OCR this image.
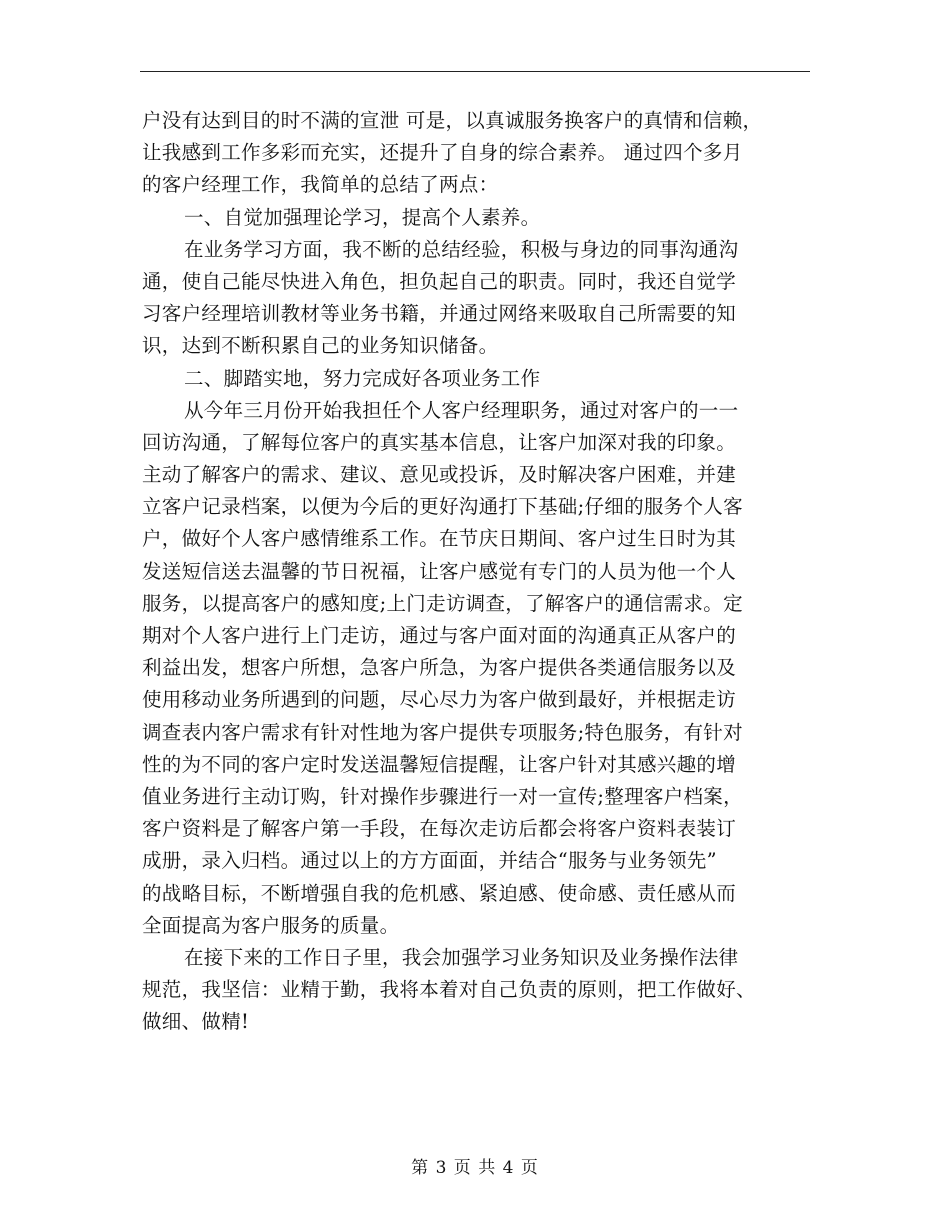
户没有达到目的时不满的宣泄 可是，以真诚服务换客户的真情和信赖，
让我感到工作多彩而充实，还提升了自身的综合素养。 通过四个多月
的客户经理工作，我简单的总结了两点：
一、自觉加强理论学习，提高个人素养。
在业务学习方面，我不断的总结经验，积极与身边的同事沟通沟
通，使自己能尽快进入角色，担负起自己的职责。同时，我还自觉学
习客户经理培训教材等业务书籍，并通过网络来吸取自己所需要的知
识，达到不断积累自己的业务知识储备。
二、脚踏实地，努力完成好各项业务工作
从今年三月份开始我担任个人客户经理职务，通过对客户的一一
回访沟通，了解每位客户的真实基本信息，让客户加深对我的印象。
主动了解客户的需求、建议、意见或投诉，及时解决客户困难，并建
立客户记录档案，以便为今后的更好沟通打下基础;仔细的服务个人客
户，做好个人客户感情维系工作。在节庆日期间、客户过生日时为其
发送短信送去温馨的节日祝福，让客户感觉有专门的人员为他一个人
服务，以提高客户的感知度;上门走访调查，了解客户的通信需求。定
期对个人客户进行上门走访，通过与客户面对面的沟通真正从客户的
利益出发，想客户所想，急客户所急，为客户提供各类通信服务以及
使用移动业务所遇到的问题，尽心尽力为客户做到最好，并根据走访
调查表内客户需求有针对性地为客户提供专项服务;特色服务，有针对
性的为不同的客户定时发送温馨短信提醒，让客户针对其感兴趣的增
值业务进行主动订购，针对操作步骤进行一对一宣传;整理客户档案，
客户资料是了解客户第一手段，在每次走访后都会将客户资料表装订
成册，录入归档。通过以上的方方面面，并结合“服务与业务领先”
的战略目标，不断增强自我的危机感、紧迫感、使命感、责任感从而
全面提高为客户服务的质量。
在接下来的工作日子里，我会加强学习业务知识及业务操作法律
规范，我坚信：业精于勤，我将本着对自己负责的原则，把工作做好、
做细、做精!
第 3 页 共 4 页
